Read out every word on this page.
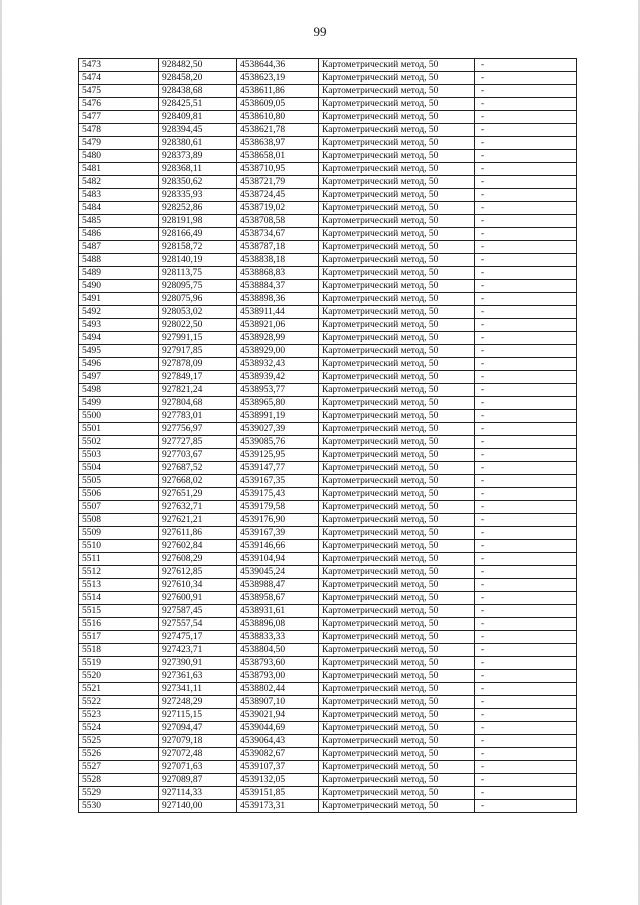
99
5473	928482,50	4538644,36	Картометрический метод, 50	-
5474	928458,20	4538623,19	Картометрический метод, 50	-
5475	928438,68	4538611,86	Картометрический метод, 50	-
5476	928425,51	4538609,05	Картометрический метод, 50	-
5477	928409,81	4538610,80	Картометрический метод, 50	-
5478	928394,45	4538621,78	Картометрический метод, 50	-
5479	928380,61	4538638,97	Картометрический метод, 50	-
5480	928373,89	4538658,01	Картометрический метод, 50	-
5481	928368,11	4538710,95	Картометрический метод, 50	-
5482	928350,62	4538721,79	Картометрический метод, 50	-
5483	928335,93	4538724,45	Картометрический метод, 50	-
5484	928252,86	4538719,02	Картометрический метод, 50	-
5485	928191,98	4538708,58	Картометрический метод, 50	-
5486	928166,49	4538734,67	Картометрический метод, 50	-
5487	928158,72	4538787,18	Картометрический метод, 50	-
5488	928140,19	4538838,18	Картометрический метод, 50	-
5489	928113,75	4538868,83	Картометрический метод, 50	-
5490	928095,75	4538884,37	Картометрический метод, 50	-
5491	928075,96	4538898,36	Картометрический метод, 50	-
5492	928053,02	4538911,44	Картометрический метод, 50	-
5493	928022,50	4538921,06	Картометрический метод, 50	-
5494	927991,15	4538928,99	Картометрический метод, 50	-
5495	927917,85	4538929,00	Картометрический метод, 50	-
5496	927878,09	4538932,43	Картометрический метод, 50	-
5497	927849,17	4538939,42	Картометрический метод, 50	-
5498	927821,24	4538953,77	Картометрический метод, 50	-
5499	927804,68	4538965,80	Картометрический метод, 50	-
5500	927783,01	4538991,19	Картометрический метод, 50	-
5501	927756,97	4539027,39	Картометрический метод, 50	-
5502	927727,85	4539085,76	Картометрический метод, 50	-
5503	927703,67	4539125,95	Картометрический метод, 50	-
5504	927687,52	4539147,77	Картометрический метод, 50	-
5505	927668,02	4539167,35	Картометрический метод, 50	-
5506	927651,29	4539175,43	Картометрический метод, 50	-
5507	927632,71	4539179,58	Картометрический метод, 50	-
5508	927621,21	4539176,90	Картометрический метод, 50	-
5509	927611,86	4539167,39	Картометрический метод, 50	-
5510	927602,84	4539146,66	Картометрический метод, 50	-
5511	927608,29	4539104,94	Картометрический метод, 50	-
5512	927612,85	4539045,24	Картометрический метод, 50	-
5513	927610,34	4538988,47	Картометрический метод, 50	-
5514	927600,91	4538958,67	Картометрический метод, 50	-
5515	927587,45	4538931,61	Картометрический метод, 50	-
5516	927557,54	4538896,08	Картометрический метод, 50	-
5517	927475,17	4538833,33	Картометрический метод, 50	-
5518	927423,71	4538804,50	Картометрический метод, 50	-
5519	927390,91	4538793,60	Картометрический метод, 50	-
5520	927361,63	4538793,00	Картометрический метод, 50	-
5521	927341,11	4538802,44	Картометрический метод, 50	-
5522	927248,29	4538907,10	Картометрический метод, 50	-
5523	927115,15	4539021,94	Картометрический метод, 50	-
5524	927094,47	4539044,69	Картометрический метод, 50	-
5525	927079,18	4539064,43	Картометрический метод, 50	-
5526	927072,48	4539082,67	Картометрический метод, 50	-
5527	927071,63	4539107,37	Картометрический метод, 50	-
5528	927089,87	4539132,05	Картометрический метод, 50	-
5529	927114,33	4539151,85	Картометрический метод, 50	-
5530	927140,00	4539173,31	Картометрический метод, 50	-
